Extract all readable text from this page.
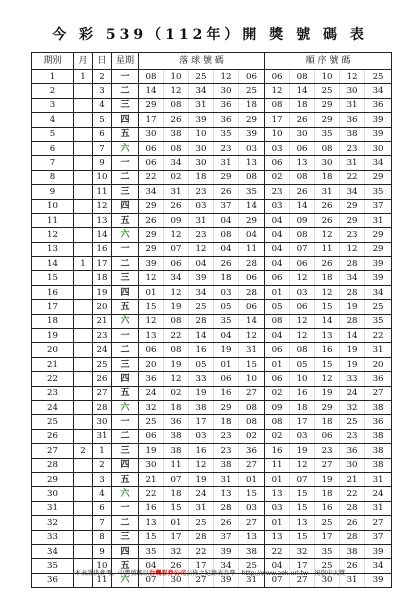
今 彩 539（112年）開 獎 號 碼 表
期別	月	日	星期	落 球 號 碼					順 序 號 碼				
1	1	2	一	08	10	25	12	06	06	08	10	12	25
2		3	二	14	12	34	30	25	12	14	25	30	34
3		4	三	29	08	31	36	18	08	18	29	31	36
4		5	四	17	26	39	36	29	17	26	29	36	39
5		6	五	30	38	10	35	39	10	30	35	38	39
6		7	六	06	08	30	23	03	03	06	08	23	30
7		9	一	06	34	30	31	13	06	13	30	31	34
8		10	二	22	02	18	29	08	02	08	18	22	29
9		11	三	34	31	23	26	35	23	26	31	34	35
10		12	四	29	26	03	37	14	03	14	26	29	37
11		13	五	26	09	31	04	29	04	09	26	29	31
12		14	六	29	12	23	08	04	04	08	12	23	29
13		16	一	29	07	12	04	11	04	07	11	12	29
14	1	17	二	39	06	04	26	28	04	06	26	28	39
15		18	三	12	34	39	18	06	06	12	18	34	39
16		19	四	01	12	34	03	28	01	03	12	28	34
17		20	五	15	19	25	05	06	05	06	15	19	25
18		21	六	12	08	28	35	14	08	12	14	28	35
19		23	一	13	22	14	04	12	04	12	13	14	22
20		24	二	06	08	16	19	31	06	08	16	19	31
21		25	三	20	19	05	01	15	01	05	15	19	20
22		26	四	36	12	33	06	10	06	10	12	33	36
23		27	五	24	02	19	16	27	02	16	19	24	27
24		28	六	32	18	38	29	08	09	18	29	32	38
25		30	一	25	36	17	18	08	08	17	18	25	36
26		31	二	06	38	03	23	02	02	03	06	23	38
27	2	1	三	19	38	16	23	36	16	19	23	36	38
28		2	四	30	11	12	38	27	11	12	27	30	38
29		3	五	21	07	19	31	01	01	07	19	21	31
30		4	六	22	18	24	13	15	13	15	18	22	24
31		6	一	16	15	31	28	03	03	15	16	28	31
32		7	二	13	01	25	26	27	01	13	25	26	27
33		8	三	15	17	28	37	13	13	15	17	28	37
34		9	四	35	32	22	39	38	22	32	35	38	39
35		10	五	04	26	17	34	25	04	17	25	26	34
36		11	六	07	30	27	39	31	07	27	30	31	39
本表謹供參考，中獎號碼以台灣彩券公司公佈之紀錄表為準　http://www.aok.url.tw　祝您中大獎
